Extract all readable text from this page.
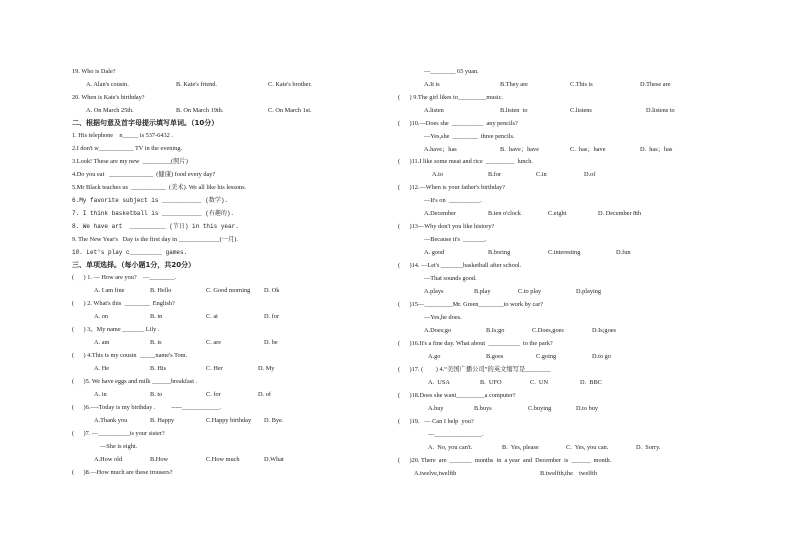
19. Who is Dale?
A. Alan's cousin.	B. Kate's friend.	C. Kate's brother.
20. When is Kate's birthday?
A. On March 25th.	B. On March 19th.	C. On March 1st.
二、根据句意及首字母提示填写单词。（10分）
1. His telephone    n_____ is 537-6432 .
2.I don't w___________ TV in the evening.
3.Look! These are my new  _________(照片)
4.Do you eat   ______________  (健康) food every day?
5.Mr Black teaches us  ___________  (美术). We all like his lessons.
6.My favorite subject is ___________ (数学).
7. I think basketball is ___________ (有趣的).
8. We have art  __________ (节日) in this year.
9. The New Year's   Day is the first day in _____________(一月).
10. Let's play c_________ games.
三、单项选择。（每小题1分，共20分）
(      ) 1. — How are you?    —________.
A. I am fine	B. Hello	C. Good morning D. Ok
(      ) 2. What's this  ________  English?
A. on	B. in	C. at	D. for
(      ) 3。My name _______ Lily .
A. am	B. is	C. are	D. be
(      ) 4.This is my cousin  _____name's Tom.
A. He	B. His	C. Her	D. My
(      )5. We have eggs and milk ______breakfast .
A. in	B. to	C. for	D. of
(      )6.—-Today is my birthday .          -----____________.
A.Thank you	B. Happy	C.Happy birthday D. Bye.
(      )7. —__________is your sister?
—She is eight.
A.How old	B.How	C.How much	D.What
(      )8.—How much are these trousers?
—________ 65 yuan.
A.It is	B.They are	C.This is	D.These are
(      ) 9.The girl likes to_________music.
A.listen	B.listen  to	C.listens	D.listens to
(      )10.—Does she  __________  any pencils?
—Yes,she  ________  three pencils.
A.have；has	B.  have；have	C.  has；have	D.  has；has
(      )11.I like some meat and rice  _________  lunch.
A.to	B.for	C.in	D.of
(      )12.—When is your father's birthday?
—It's on  __________.
A.December	B.ten o'clock	C.eight	D. December 8th
(      )13—Why don't you like history?
—Because it's  _______.
A. good	B.boring	C.interesting	D.fun
(      )14. —Let's _______basketball after school.
—That sounds good.
A.plays	B.play	C.to play	D.playing
(      )15—_________Mr. Green________to work by car?
—Yes,he does.
A.Does;go	B.Is;go	C.Does,goes	D.Is;goes
(      )16.It's a fine day. What about  __________  to the park?
A.go	B.goes	C.going	D.to go
(      )17. (        ) 4.“美国广播公司”的英文缩写是________
A.  USA	B.  UFO	C.  UN	D.  BBC
(      )18.Does she want_________a computer?
A.buy	B.buys	C.buying	D.to buy
(      )19.   — Can I help  you?
—_______________.
A.  No, you can't.	B.  Yes, please	C.  Yes, you can.	D.  Sorry.
(      )20. There  are  _______  months  in  a year  and  December  is  ______  month.
A.twelve,twelfth	B.twelfth,the    twelfth
